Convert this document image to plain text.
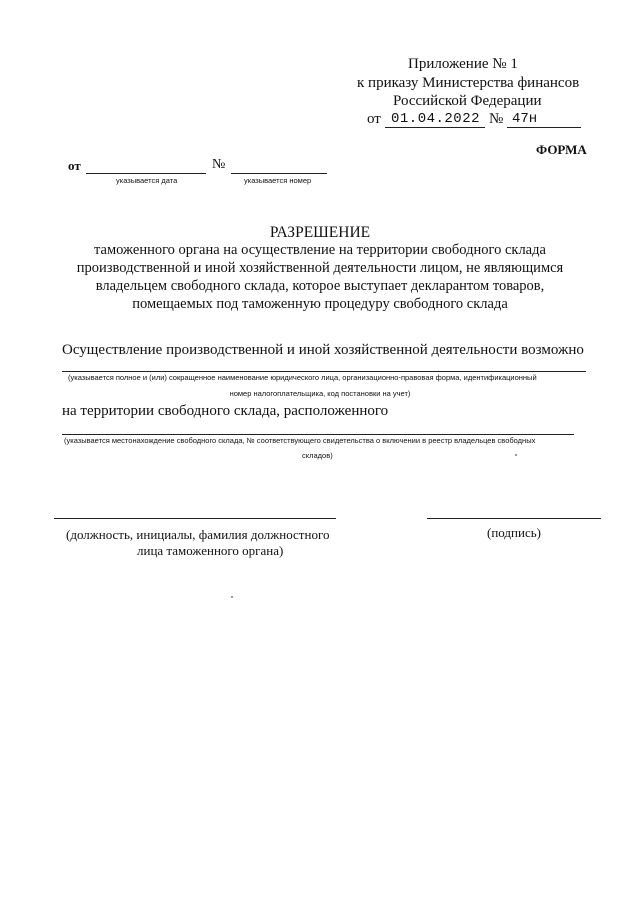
Приложение № 1
к приказу Министерства финансов
Российской Федерации
от 01.04.2022 № 47н
ФОРМА
от
указывается дата
№
указывается номер
РАЗРЕШЕНИЕ
таможенного органа на осуществление на территории свободного склада
производственной и иной хозяйственной деятельности лицом, не являющимся
владельцем свободного склада, которое выступает декларантом товаров,
помещаемых под таможенную процедуру свободного склада
Осуществление производственной и иной хозяйственной деятельности возможно
(указывается полное и (или) сокращенное наименование юридического лица, организационно-правовая форма, идентификационный
номер налогоплательщика, код постановки на учет)
на территории свободного склада, расположенного
(указывается местонахождение свободного склада, № соответствующего свидетельства о включении в реестр владельцев свободных
складов)
(должность, инициалы, фамилия должностного
лица таможенного органа)
(подпись)
